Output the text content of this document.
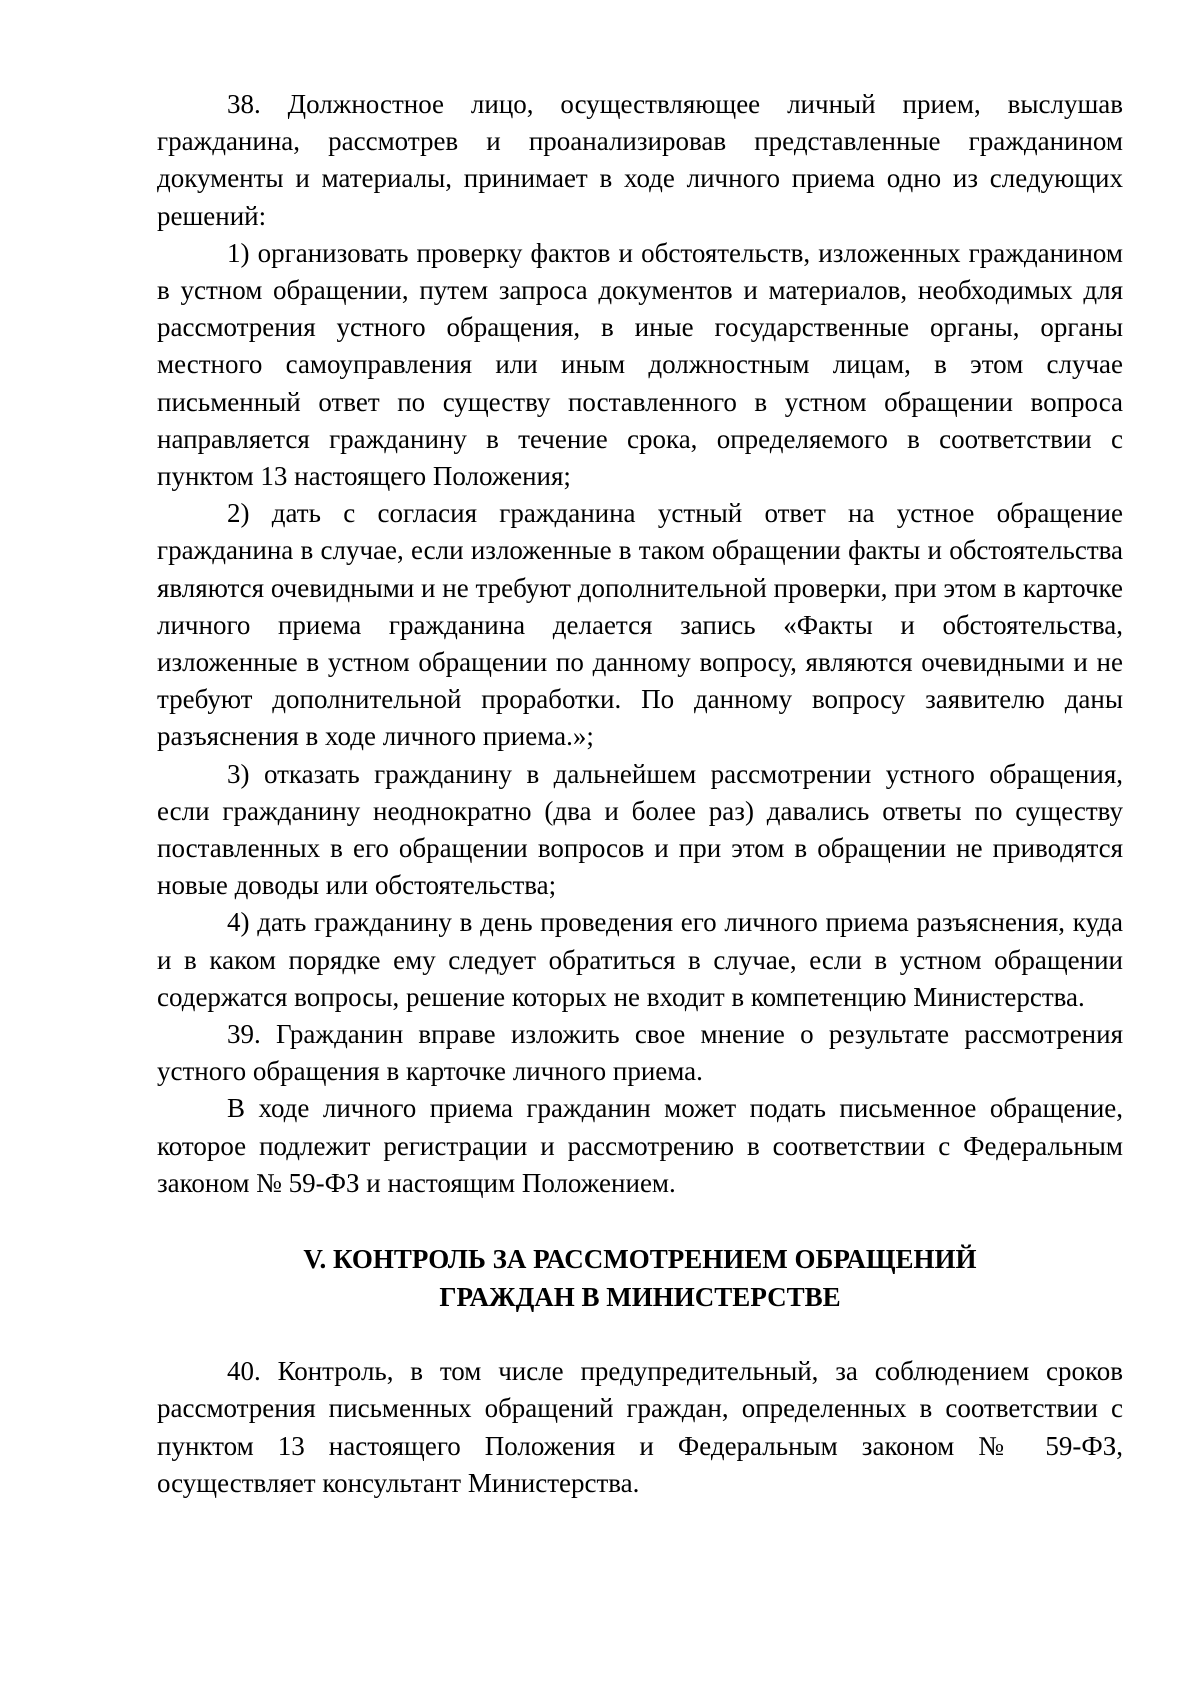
38. Должностное лицо, осуществляющее личный прием, выслушав гражданина, рассмотрев и проанализировав представленные гражданином документы и материалы, принимает в ходе личного приема одно из следующих решений:

1) организовать проверку фактов и обстоятельств, изложенных гражданином в устном обращении, путем запроса документов и материалов, необходимых для рассмотрения устного обращения, в иные государственные органы, органы местного самоуправления или иным должностным лицам, в этом случае письменный ответ по существу поставленного в устном обращении вопроса направляется гражданину в течение срока, определяемого в соответствии с пунктом 13 настоящего Положения;

2) дать с согласия гражданина устный ответ на устное обращение гражданина в случае, если изложенные в таком обращении факты и обстоятельства являются очевидными и не требуют дополнительной проверки, при этом в карточке личного приема гражданина делается запись «Факты и обстоятельства, изложенные в устном обращении по данному вопросу, являются очевидными и не требуют дополнительной проработки. По данному вопросу заявителю даны разъяснения в ходе личного приема.»;

3) отказать гражданину в дальнейшем рассмотрении устного обращения, если гражданину неоднократно (два и более раз) давались ответы по существу поставленных в его обращении вопросов и при этом в обращении не приводятся новые доводы или обстоятельства;

4) дать гражданину в день проведения его личного приема разъяснения, куда и в каком порядке ему следует обратиться в случае, если в устном обращении содержатся вопросы, решение которых не входит в компетенцию Министерства.

39. Гражданин вправе изложить свое мнение о результате рассмотрения устного обращения в карточке личного приема.

В ходе личного приема гражданин может подать письменное обращение, которое подлежит регистрации и рассмотрению в соответствии с Федеральным законом № 59-ФЗ и настоящим Положением.

V. КОНТРОЛЬ ЗА РАССМОТРЕНИЕМ ОБРАЩЕНИЙ
ГРАЖДАН В МИНИСТЕРСТВЕ

40. Контроль, в том числе предупредительный, за соблюдением сроков рассмотрения письменных обращений граждан, определенных в соответствии с пунктом 13 настоящего Положения и Федеральным законом № 59-ФЗ, осуществляет консультант Министерства.
